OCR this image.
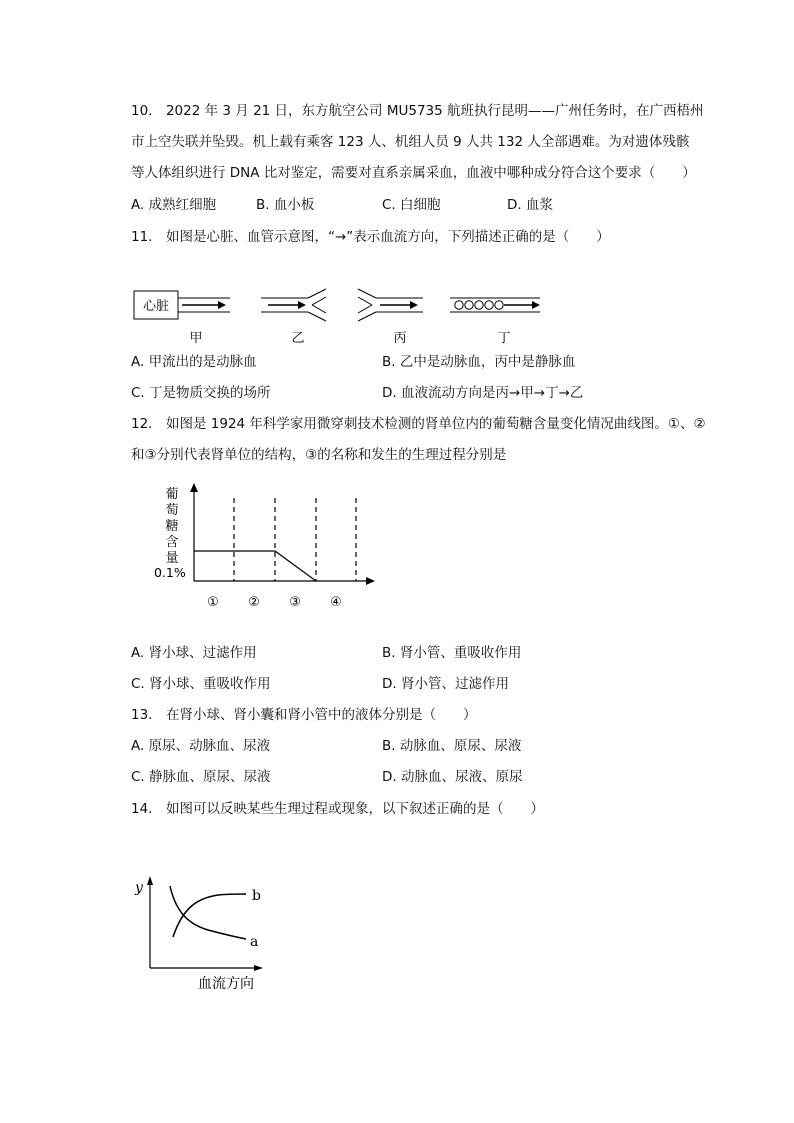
10.　2022 年 3 月 21 日，东方航空公司 MU5735 航班执行昆明——广州任务时，在广西梧州
市上空失联并坠毁。机上载有乘客 123 人、机组人员 9 人共 132 人全部遇难。为对遗体残骸
等人体组织进行 DNA 比对鉴定，需要对直系亲属采血，血液中哪种成分符合这个要求（　　）
A. 成熟红细胞	B. 血小板	C. 白细胞	D. 血浆
11.　如图是心脏、血管示意图，“→”表示血流方向，下列描述正确的是（　　）
心脏
甲	乙	丙	丁
A. 甲流出的是动脉血	B. 乙中是动脉血，丙中是静脉血
C. 丁是物质交换的场所	D. 血液流动方向是丙→甲→丁→乙
12.　如图是 1924 年科学家用微穿刺技术检测的肾单位内的葡萄糖含量变化情况曲线图。①、②
和③分别代表肾单位的结构，③的名称和发生的生理过程分别是
葡
萄
糖
含
量
0.1%
① ② ③ ④
A. 肾小球、过滤作用	B. 肾小管、重吸收作用
C. 肾小球、重吸收作用	D. 肾小管、过滤作用
13.　在肾小球、肾小囊和肾小管中的液体分别是（　　）
A. 原尿、动脉血、尿液	B. 动脉血、原尿、尿液
C. 静脉血、原尿、尿液	D. 动脉血、尿液、原尿
14.　如图可以反映某些生理过程或现象，以下叙述正确的是（　　）
y	b
a
血流方向
